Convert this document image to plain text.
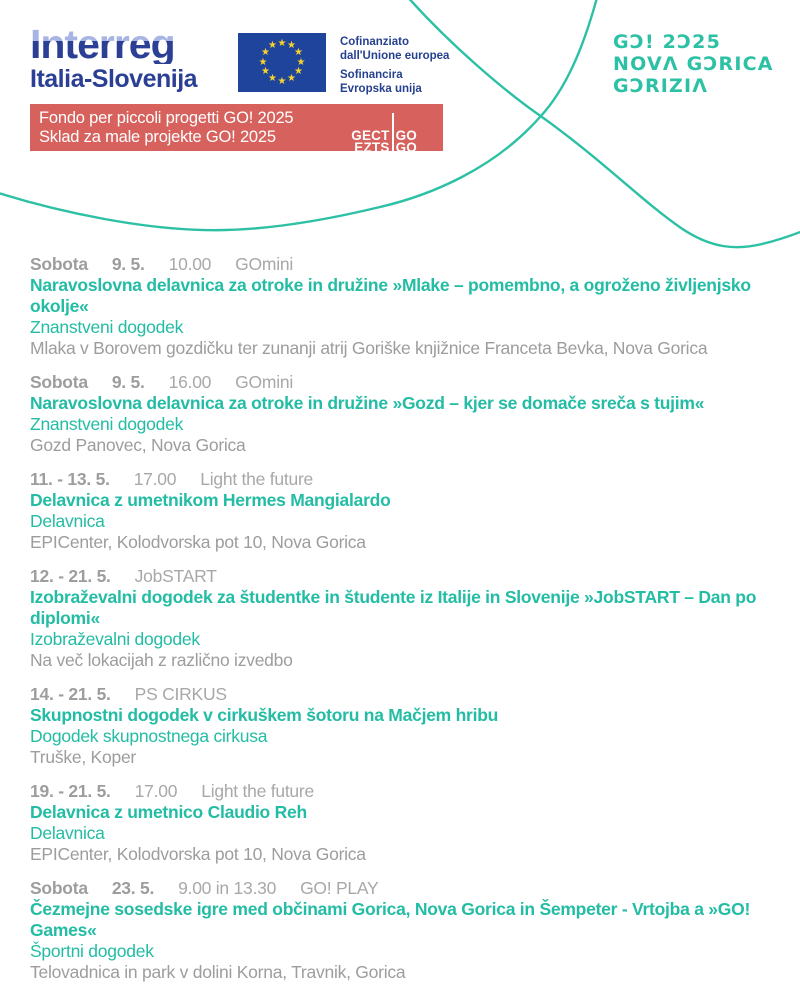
Interreg
Italia-Slovenija
★ ★
★
★
★
★
★
★
★
★
★
★	Cofinanziato
dall'Unione europea
Sofinancira
Evropska unija
Fondo per piccoli progetti GO! 2025
Sklad za male projekte GO! 2025	GECT
EZTS
GO
GO
GƆ! 2Ɔ25
NOVɅ GƆRICA
GƆRIZIɅ
Sobota 9. 5. 10.00 GOmini
Naravoslovna delavnica za otroke in družine »Mlake – pomembno, a ogroženo življenjsko okolje«
Znanstveni dogodek
Mlaka v Borovem gozdičku ter zunanji atrij Goriške knjižnice Franceta Bevka, Nova Gorica
Sobota 9. 5. 16.00 GOmini
Naravoslovna delavnica za otroke in družine »Gozd – kjer se domače sreča s tujim«
Znanstveni dogodek
Gozd Panovec, Nova Gorica
11. - 13. 5. 17.00 Light the future
Delavnica z umetnikom Hermes Mangialardo
Delavnica
EPICenter, Kolodvorska pot 10, Nova Gorica
12. - 21. 5. JobSTART
Izobraževalni dogodek za študentke in študente iz Italije in Slovenije »JobSTART – Dan po diplomi«
Izobraževalni dogodek
Na več lokacijah z različno izvedbo
14. - 21. 5. PS CIRKUS
Skupnostni dogodek v cirkuškem šotoru na Mačjem hribu
Dogodek skupnostnega cirkusa
Truške, Koper
19. - 21. 5. 17.00 Light the future
Delavnica z umetnico Claudio Reh
Delavnica
EPICenter, Kolodvorska pot 10, Nova Gorica
Sobota 23. 5. 9.00 in 13.30 GO! PLAY
Čezmejne sosedske igre med občinami Gorica, Nova Gorica in Šempeter - Vrtojba a »GO! Games«
Športni dogodek
Telovadnica in park v dolini Korna, Travnik, Gorica
